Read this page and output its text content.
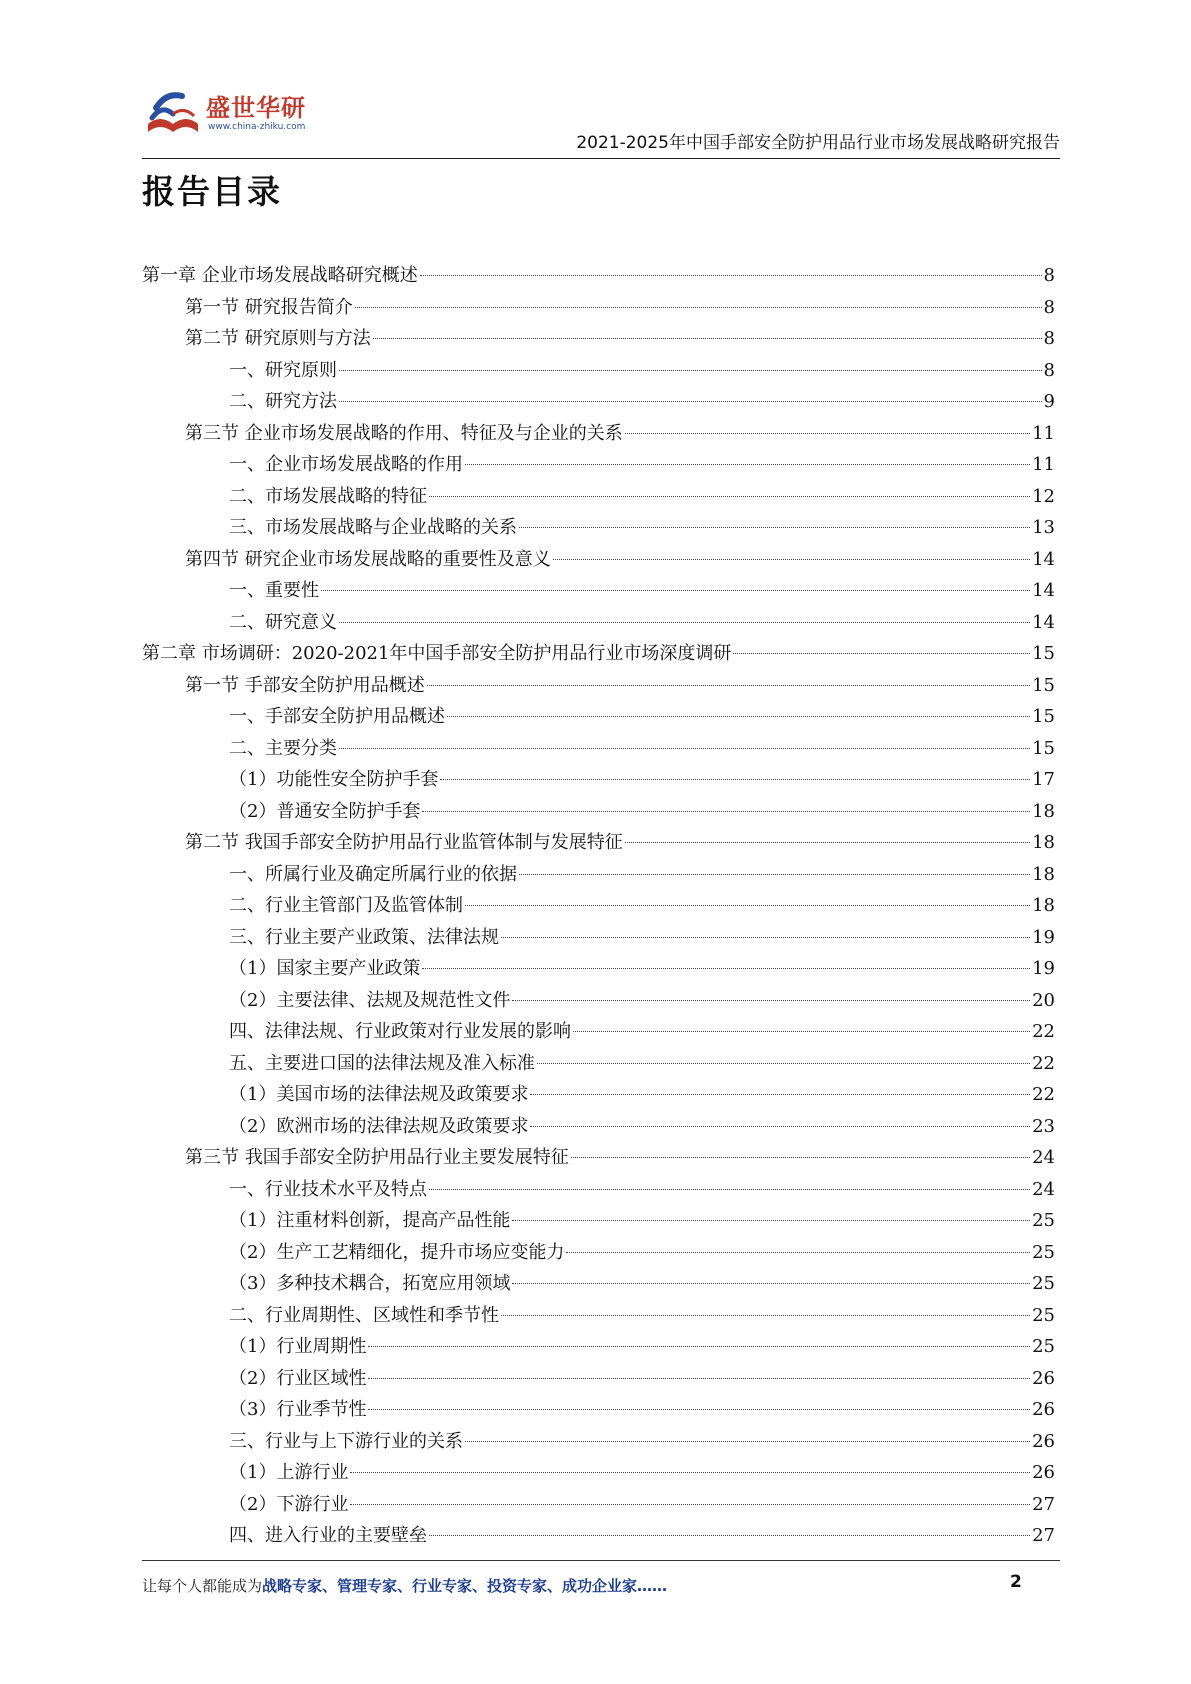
盛世华研
www.china-zhiku.com
2021-2025年中国手部安全防护用品行业市场发展战略研究报告
报告目录
第一章 企业市场发展战略研究概述	8
第一节 研究报告简介	8
第二节 研究原则与方法	8
一、研究原则	8
二、研究方法	9
第三节 企业市场发展战略的作用、特征及与企业的关系	11
一、企业市场发展战略的作用	11
二、市场发展战略的特征	12
三、市场发展战略与企业战略的关系	13
第四节 研究企业市场发展战略的重要性及意义	14
一、重要性	14
二、研究意义	14
第二章 市场调研：2020-2021年中国手部安全防护用品行业市场深度调研	15
第一节 手部安全防护用品概述	15
一、手部安全防护用品概述	15
二、主要分类	15
（1）功能性安全防护手套	17
（2）普通安全防护手套	18
第二节 我国手部安全防护用品行业监管体制与发展特征	18
一、所属行业及确定所属行业的依据	18
二、行业主管部门及监管体制	18
三、行业主要产业政策、法律法规	19
（1）国家主要产业政策	19
（2）主要法律、法规及规范性文件	20
四、法律法规、行业政策对行业发展的影响	22
五、主要进口国的法律法规及准入标准	22
（1）美国市场的法律法规及政策要求	22
（2）欧洲市场的法律法规及政策要求	23
第三节 我国手部安全防护用品行业主要发展特征	24
一、行业技术水平及特点	24
（1）注重材料创新，提高产品性能	25
（2）生产工艺精细化，提升市场应变能力	25
（3）多种技术耦合，拓宽应用领域	25
二、行业周期性、区域性和季节性	25
（1）行业周期性	25
（2）行业区域性	26
（3）行业季节性	26
三、行业与上下游行业的关系	26
（1）上游行业	26
（2）下游行业	27
四、进入行业的主要壁垒	27
让每个人都能成为战略专家、管理专家、行业专家、投资专家、成功企业家……	2
